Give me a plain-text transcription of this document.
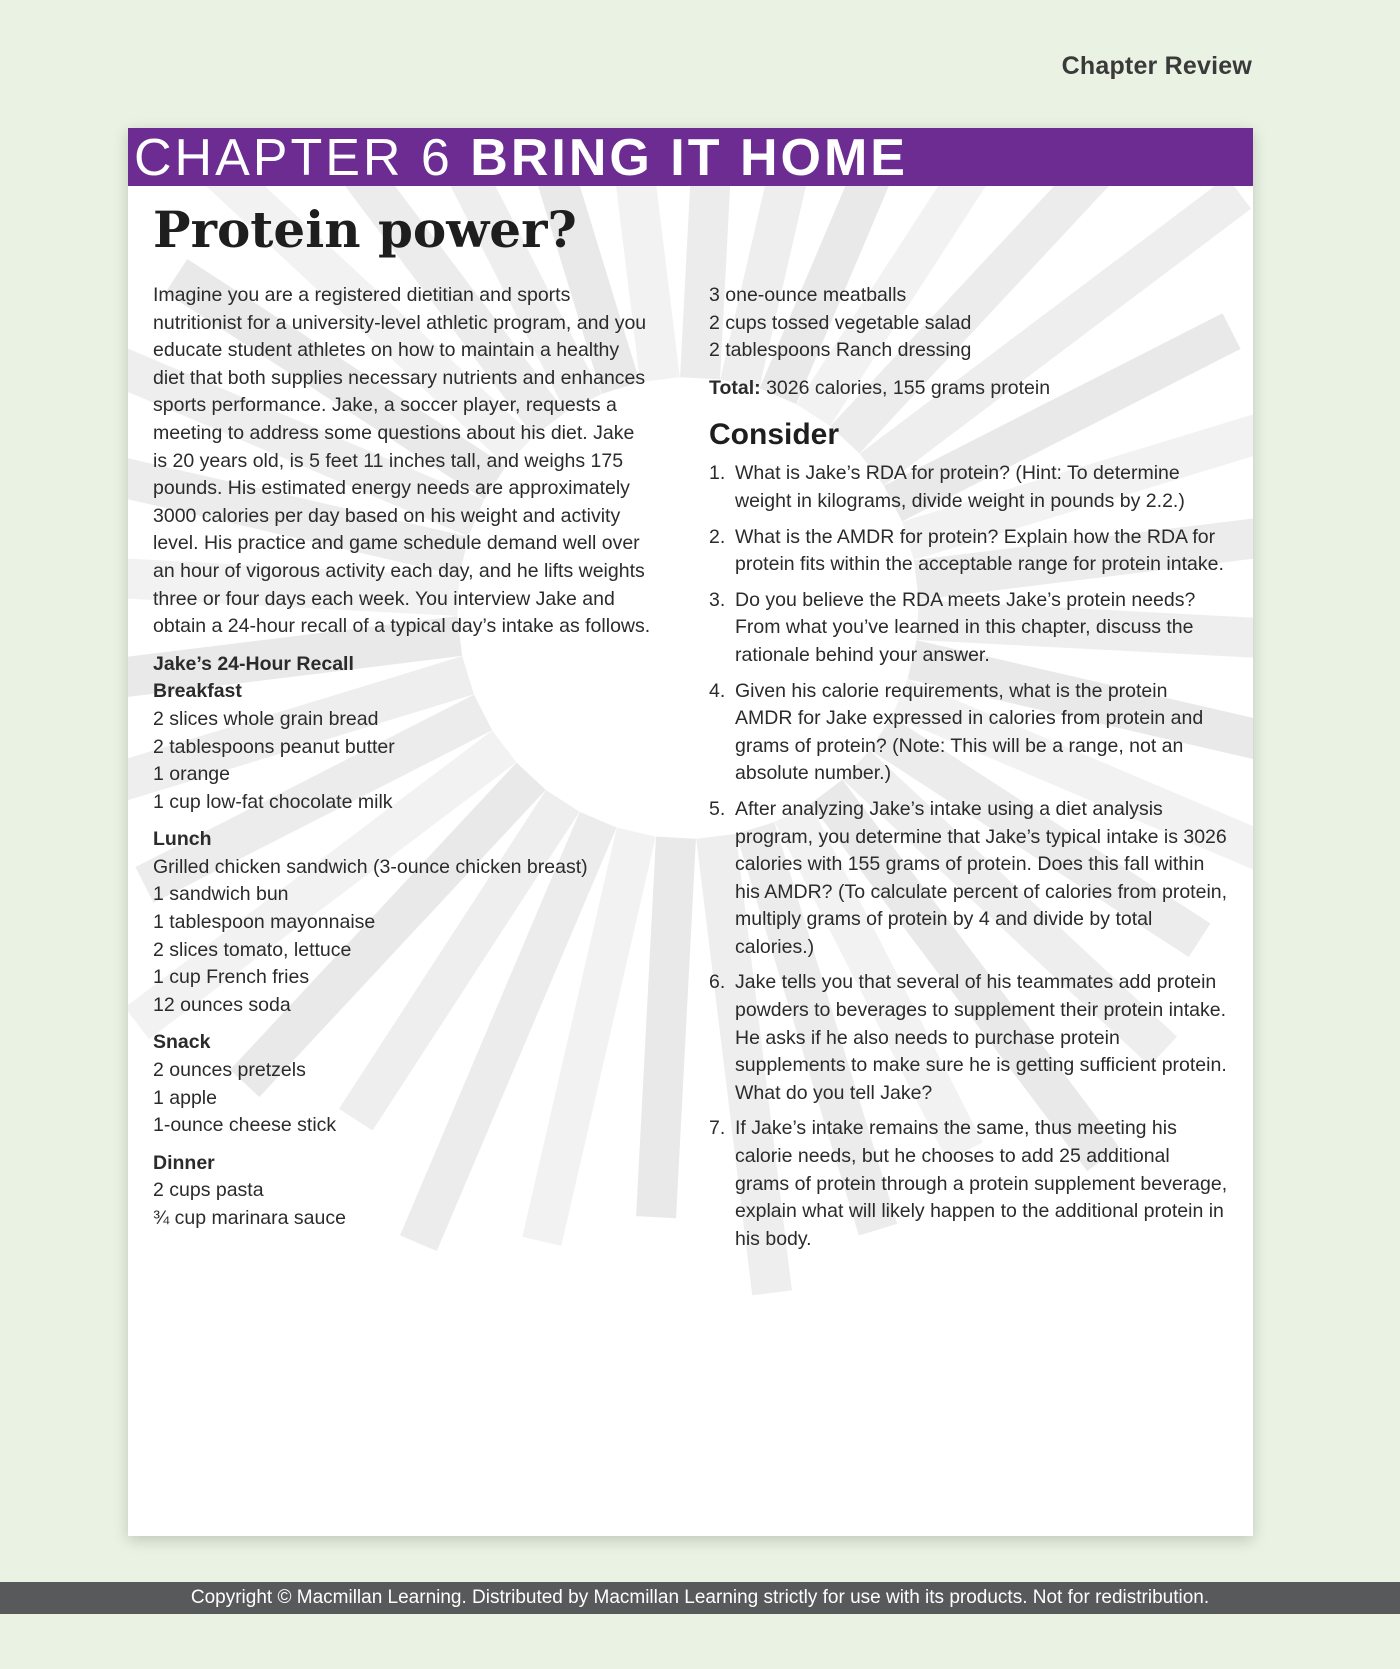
Chapter Review
CHAPTER 6 BRING IT HOME
Protein power?

Imagine you are a registered dietitian and sports nutritionist for a university-level athletic program, and you educate student athletes on how to maintain a healthy diet that both supplies necessary nutrients and enhances sports performance. Jake, a soccer player, requests a meeting to address some questions about his diet. Jake is 20 years old, is 5 feet 11 inches tall, and weighs 175 pounds. His estimated energy needs are approximately 3000 calories per day based on his weight and activity level. His practice and game schedule demand well over an hour of vigorous activity each day, and he lifts weights three or four days each week. You interview Jake and obtain a 24-hour recall of a typical day’s intake as follows.

Jake’s 24-Hour Recall

Breakfast
2 slices whole grain bread
2 tablespoons peanut butter
1 orange
1 cup low-fat chocolate milk
Lunch
Grilled chicken sandwich (3-ounce chicken breast)
1 sandwich bun
1 tablespoon mayonnaise
2 slices tomato, lettuce
1 cup French fries
12 ounces soda
Snack
2 ounces pretzels
1 apple
1-ounce cheese stick
Dinner
2 cups pasta
¾ cup marinara sauce
3 one-ounce meatballs
2 cups tossed vegetable salad
2 tablespoons Ranch dressing

Total: 3026 calories, 155 grams protein

Consider
1. What is Jake’s RDA for protein? (Hint: To determine weight in kilograms, divide weight in pounds by 2.2.)
2. What is the AMDR for protein? Explain how the RDA for protein fits within the acceptable range for protein intake.
3. Do you believe the RDA meets Jake’s protein needs? From what you’ve learned in this chapter, discuss the rationale behind your answer.
4. Given his calorie requirements, what is the protein AMDR for Jake expressed in calories from protein and grams of protein? (Note: This will be a range, not an absolute number.)
5. After analyzing Jake’s intake using a diet analysis program, you determine that Jake’s typical intake is 3026 calories with 155 grams of protein. Does this fall within his AMDR? (To calculate percent of calories from protein, multiply grams of protein by 4 and divide by total calories.)
6. Jake tells you that several of his teammates add protein powders to beverages to supplement their protein intake. He asks if he also needs to purchase protein supplements to make sure he is getting sufficient protein. What do you tell Jake?
7. If Jake’s intake remains the same, thus meeting his calorie needs, but he chooses to add 25 additional grams of protein through a protein supplement beverage, explain what will likely happen to the additional protein in his body.
Copyright © Macmillan Learning. Distributed by Macmillan Learning strictly for use with its products. Not for redistribution.
